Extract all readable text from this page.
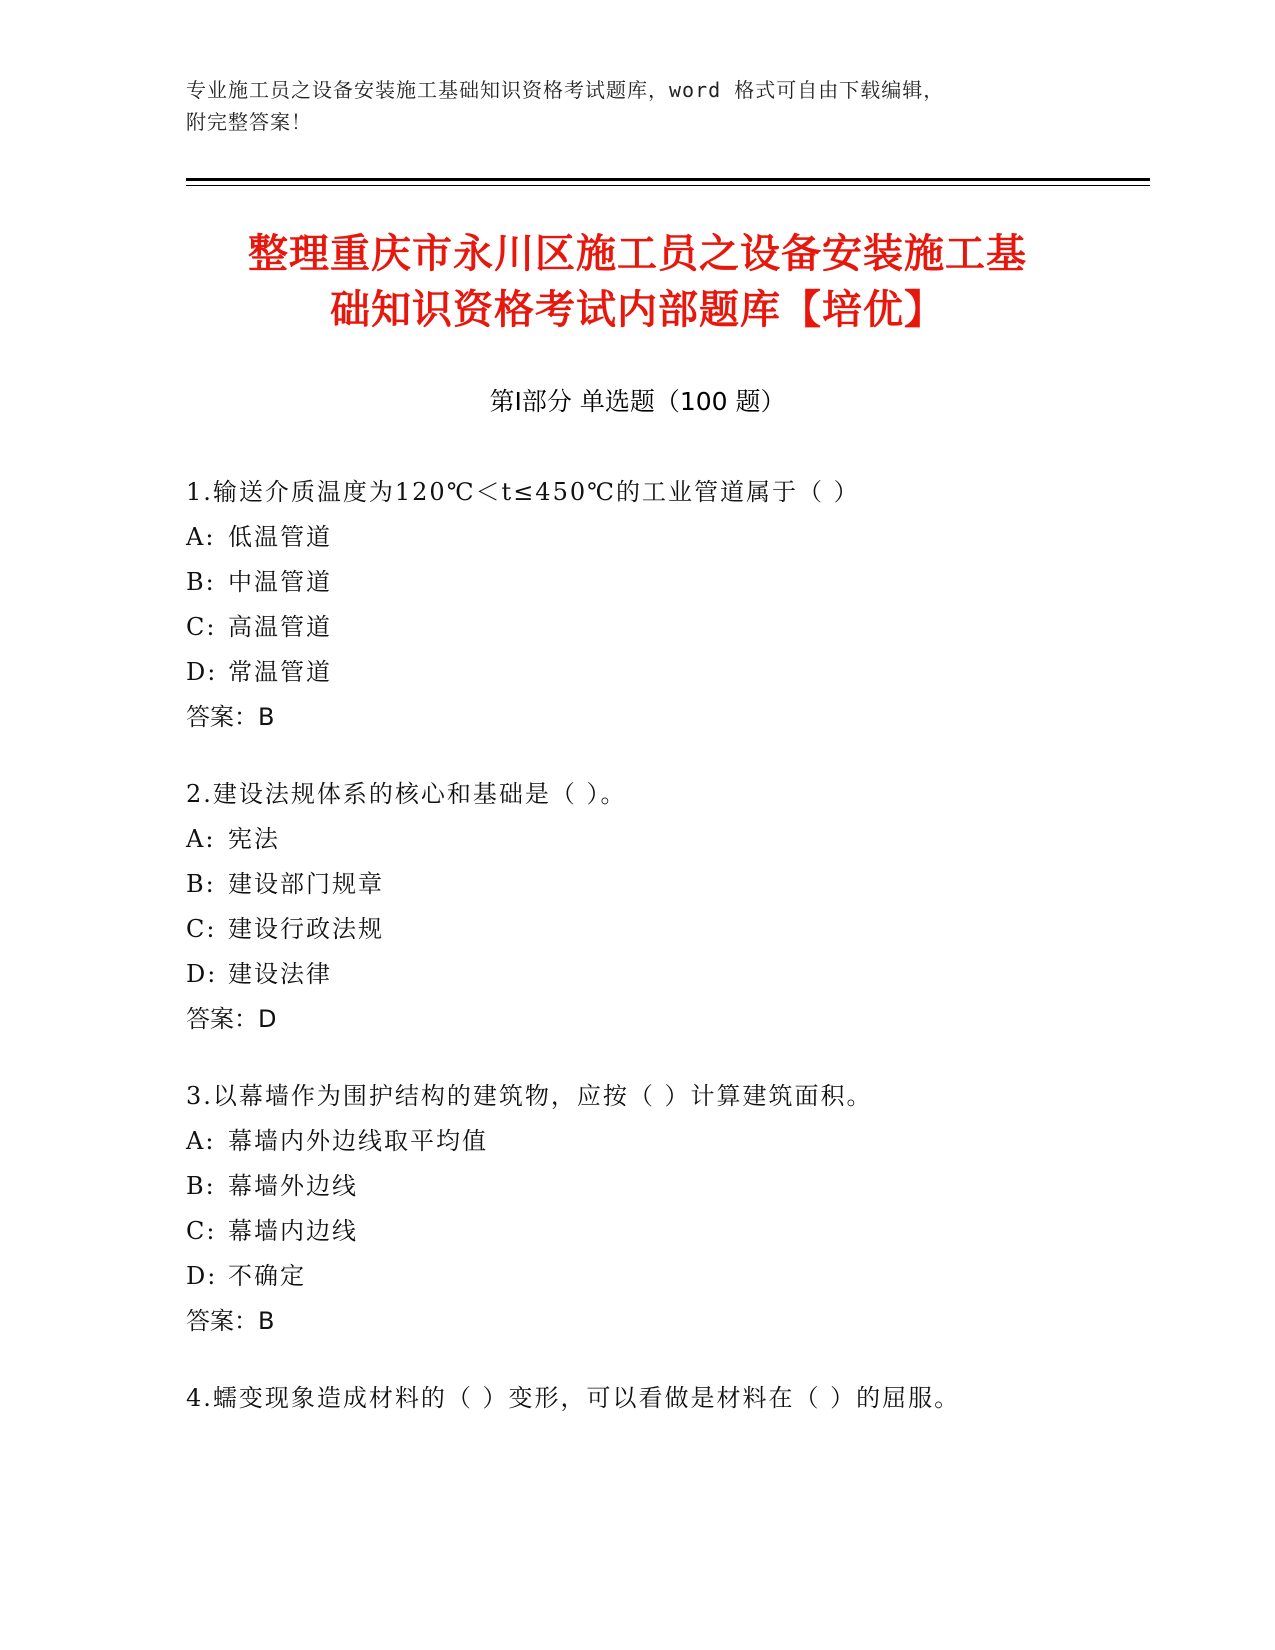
专业施工员之设备安装施工基础知识资格考试题库，word 格式可自由下载编辑，
附完整答案！
整理重庆市永川区施工员之设备安装施工基
础知识资格考试内部题库【培优】
第Ⅰ部分 单选题（100 题）
1.输送介质温度为120℃＜t≤450℃的工业管道属于（ ）
A: 低温管道
B: 中温管道
C: 高温管道
D: 常温管道
答案：B
2.建设法规体系的核心和基础是（ ）。
A: 宪法
B: 建设部门规章
C: 建设行政法规
D: 建设法律
答案：D
3.以幕墙作为围护结构的建筑物，应按（ ）计算建筑面积。
A: 幕墙内外边线取平均值
B: 幕墙外边线
C: 幕墙内边线
D: 不确定
答案：B
4.蠕变现象造成材料的（ ）变形，可以看做是材料在（ ）的屈服。
